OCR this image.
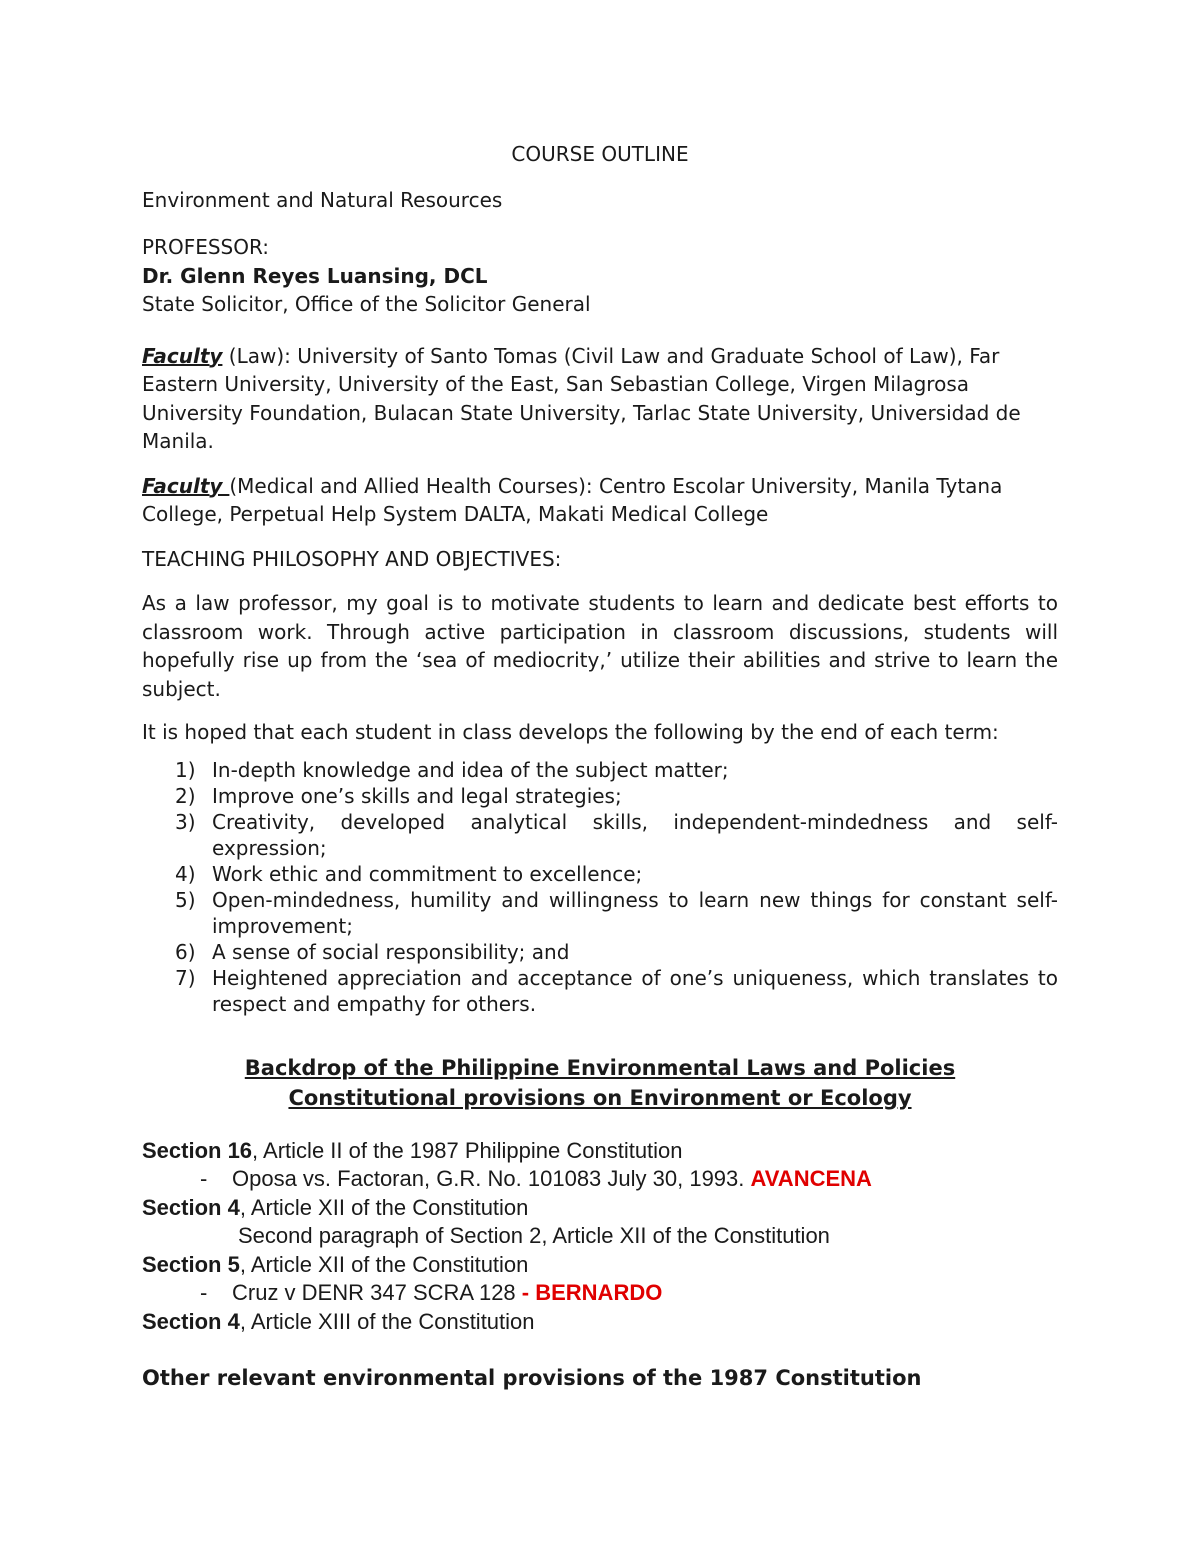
COURSE OUTLINE

Environment and Natural Resources

PROFESSOR:

Dr. Glenn Reyes Luansing, DCL

State Solicitor, Office of the Solicitor General

Faculty (Law): University of Santo Tomas (Civil Law and Graduate School of Law), Far Eastern University, University of the East, San Sebastian College, Virgen Milagrosa University Foundation, Bulacan State University, Tarlac State University, Universidad de Manila.

Faculty (Medical and Allied Health Courses): Centro Escolar University, Manila Tytana College, Perpetual Help System DALTA, Makati Medical College

TEACHING PHILOSOPHY AND OBJECTIVES:

As a law professor, my goal is to motivate students to learn and dedicate best efforts to classroom work. Through active participation in classroom discussions, students will hopefully rise up from the ‘sea of mediocrity,’ utilize their abilities and strive to learn the subject.

It is hoped that each student in class develops the following by the end of each term:

1) In-depth knowledge and idea of the subject matter;
2) Improve one’s skills and legal strategies;
3) Creativity, developed analytical skills, independent-mindedness and self-expression;
4) Work ethic and commitment to excellence;
5) Open-mindedness, humility and willingness to learn new things for constant self-improvement;
6) A sense of social responsibility; and
7) Heightened appreciation and acceptance of one’s uniqueness, which translates to respect and empathy for others.

Backdrop of the Philippine Environmental Laws and Policies

Constitutional provisions on Environment or Ecology

Section 16, Article II of the 1987 Philippine Constitution

- Oposa vs. Factoran, G.R. No. 101083 July 30, 1993. AVANCENA

Section 4, Article XII of the Constitution

Second paragraph of Section 2, Article XII of the Constitution

Section 5, Article XII of the Constitution

- Cruz v DENR 347 SCRA 128 - BERNARDO

Section 4, Article XIII of the Constitution

Other relevant environmental provisions of the 1987 Constitution
